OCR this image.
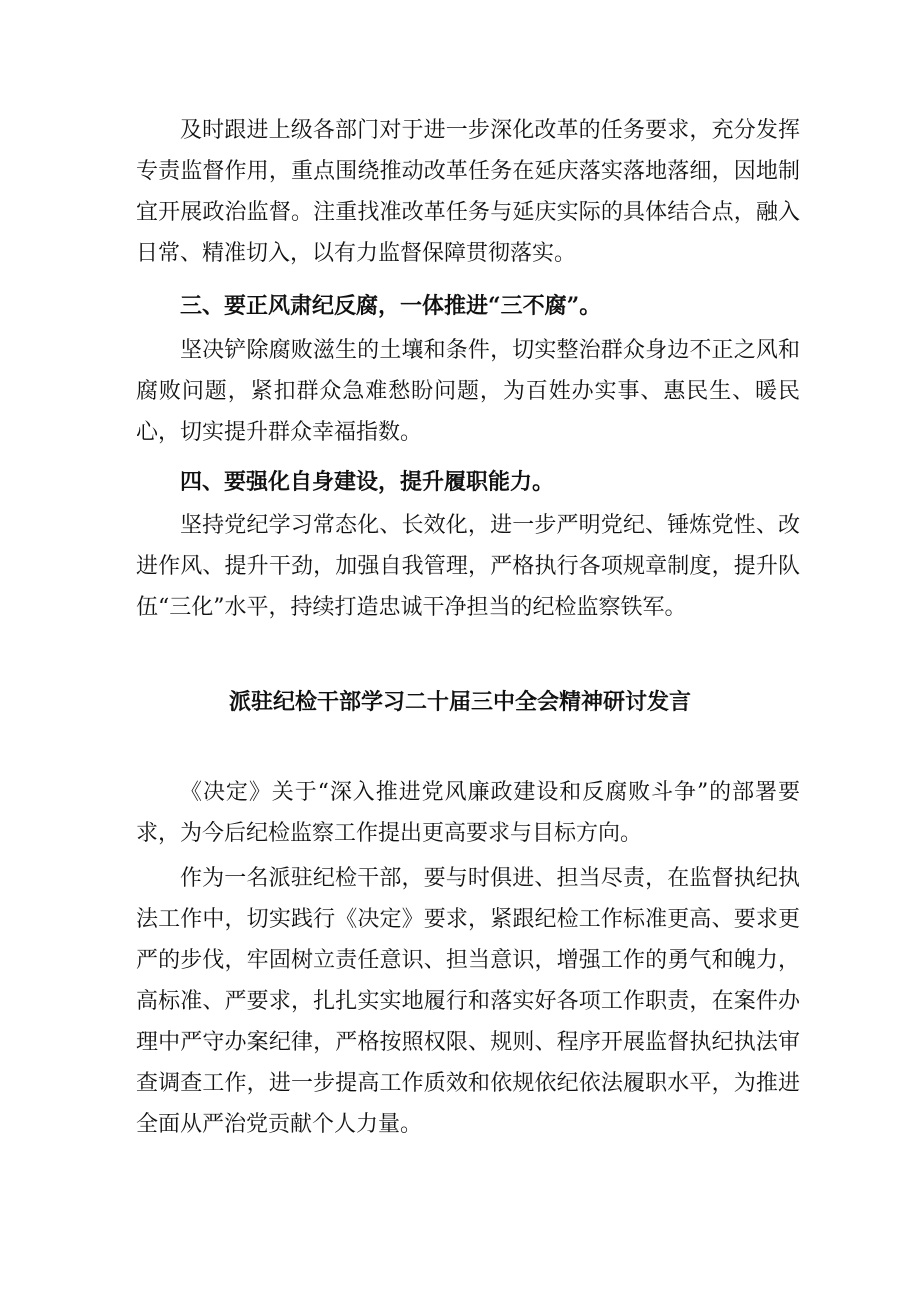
及时跟进上级各部门对于进一步深化改革的任务要求，充分发挥专责监督作用，重点围绕推动改革任务在延庆落实落地落细，因地制宜开展政治监督。注重找准改革任务与延庆实际的具体结合点，融入日常、精准切入，以有力监督保障贯彻落实。

三、要正风肃纪反腐，一体推进“三不腐”。

坚决铲除腐败滋生的土壤和条件，切实整治群众身边不正之风和腐败问题，紧扣群众急难愁盼问题，为百姓办实事、惠民生、暖民心，切实提升群众幸福指数。

四、要强化自身建设，提升履职能力。

坚持党纪学习常态化、长效化，进一步严明党纪、锤炼党性、改进作风、提升干劲，加强自我管理，严格执行各项规章制度，提升队伍“三化”水平，持续打造忠诚干净担当的纪检监察铁军。

派驻纪检干部学习二十届三中全会精神研讨发言

《决定》关于“深入推进党风廉政建设和反腐败斗争”的部署要求，为今后纪检监察工作提出更高要求与目标方向。

作为一名派驻纪检干部，要与时俱进、担当尽责，在监督执纪执法工作中，切实践行《决定》要求，紧跟纪检工作标准更高、要求更严的步伐，牢固树立责任意识、担当意识，增强工作的勇气和魄力，高标准、严要求，扎扎实实地履行和落实好各项工作职责，在案件办理中严守办案纪律，严格按照权限、规则、程序开展监督执纪执法审查调查工作，进一步提高工作质效和依规依纪依法履职水平，为推进全面从严治党贡献个人力量。
